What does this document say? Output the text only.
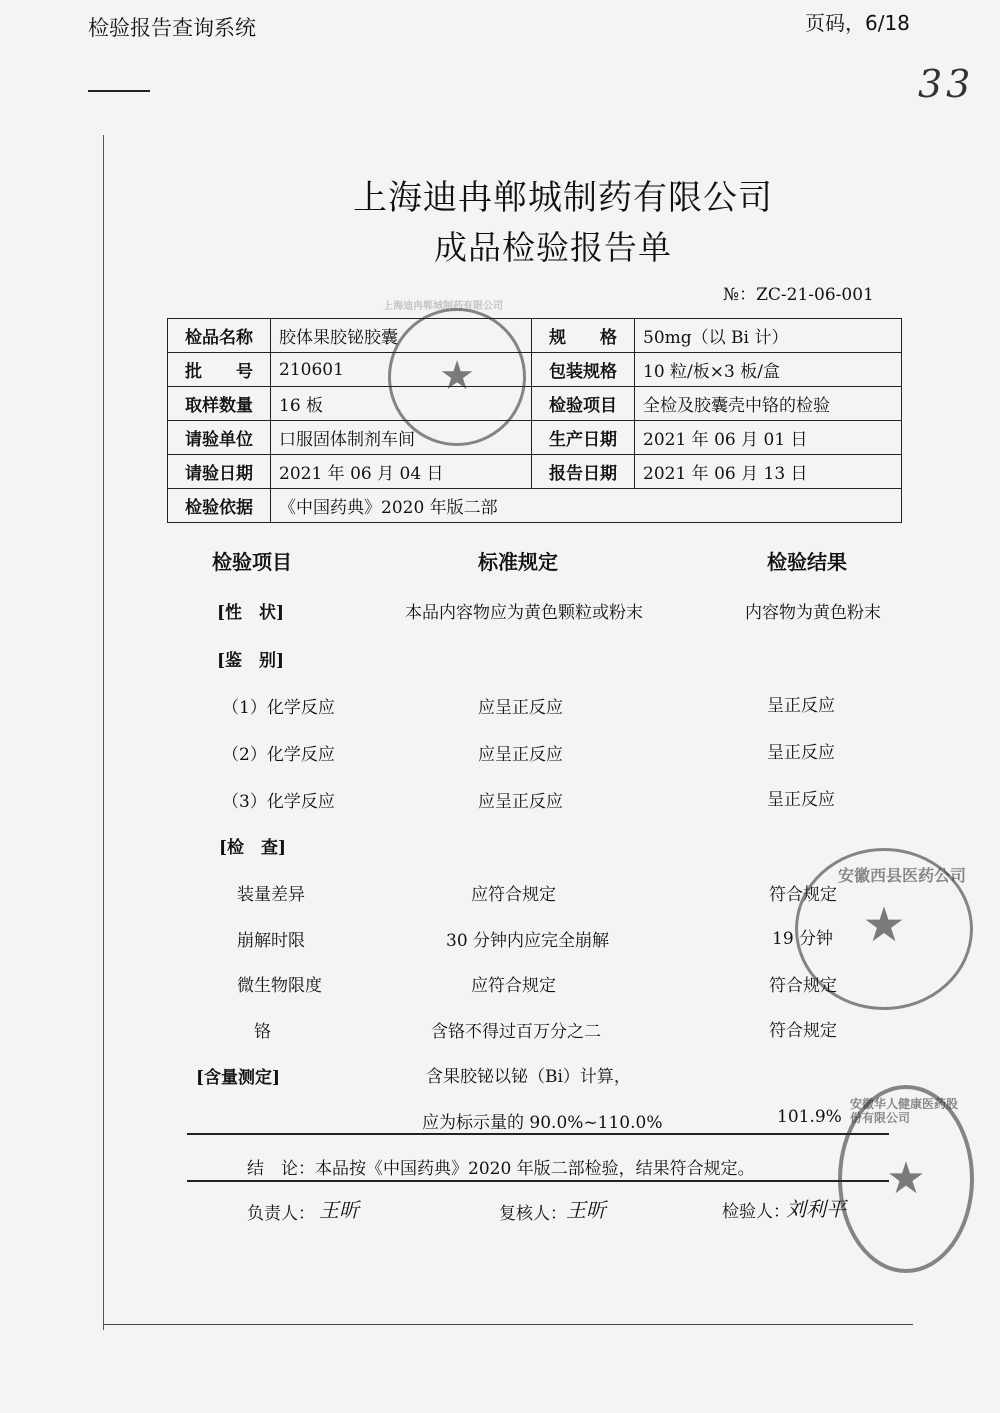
检验报告查询系统	页码，6/18
33
上海迪冉郸城制药有限公司
成品检验报告单
№：ZC-21-06-001
检品名称	胶体果胶铋胶囊	规　　格	50mg（以 Bi 计）
批　　号	210601	包装规格	10 粒/板×3 板/盒
取样数量	16 板	检验项目	全检及胶囊壳中铬的检验
请验单位	口服固体制剂车间	生产日期	2021 年 06 月 01 日
请验日期	2021 年 06 月 04 日	报告日期	2021 年 06 月 13 日
检验依据	《中国药典》2020 年版二部		
检验项目	标准规定	检验结果
[性　状]	本品内容物应为黄色颗粒或粉末	内容物为黄色粉末
[鉴　别]
（1）化学反应	应呈正反应	呈正反应
（2）化学反应	应呈正反应	呈正反应
（3）化学反应	应呈正反应	呈正反应
[检　查]
装量差异	应符合规定	符合规定
崩解时限	30 分钟内应完全崩解	19 分钟
微生物限度	应符合规定	符合规定
铬	含铬不得过百万分之二	符合规定
[含量测定]	含果胶铋以铋（Bi）计算，
应为标示量的 90.0%~110.0%	101.9%
结　论：本品按《中国药典》2020 年版二部检验，结果符合规定。
负责人： 王昕	复核人： 王昕	检验人：
刘利平
★
上海迪冉郸城制药有限公司
★
安徽西县医药公司
★
安徽华人健康医药股份有限公司
